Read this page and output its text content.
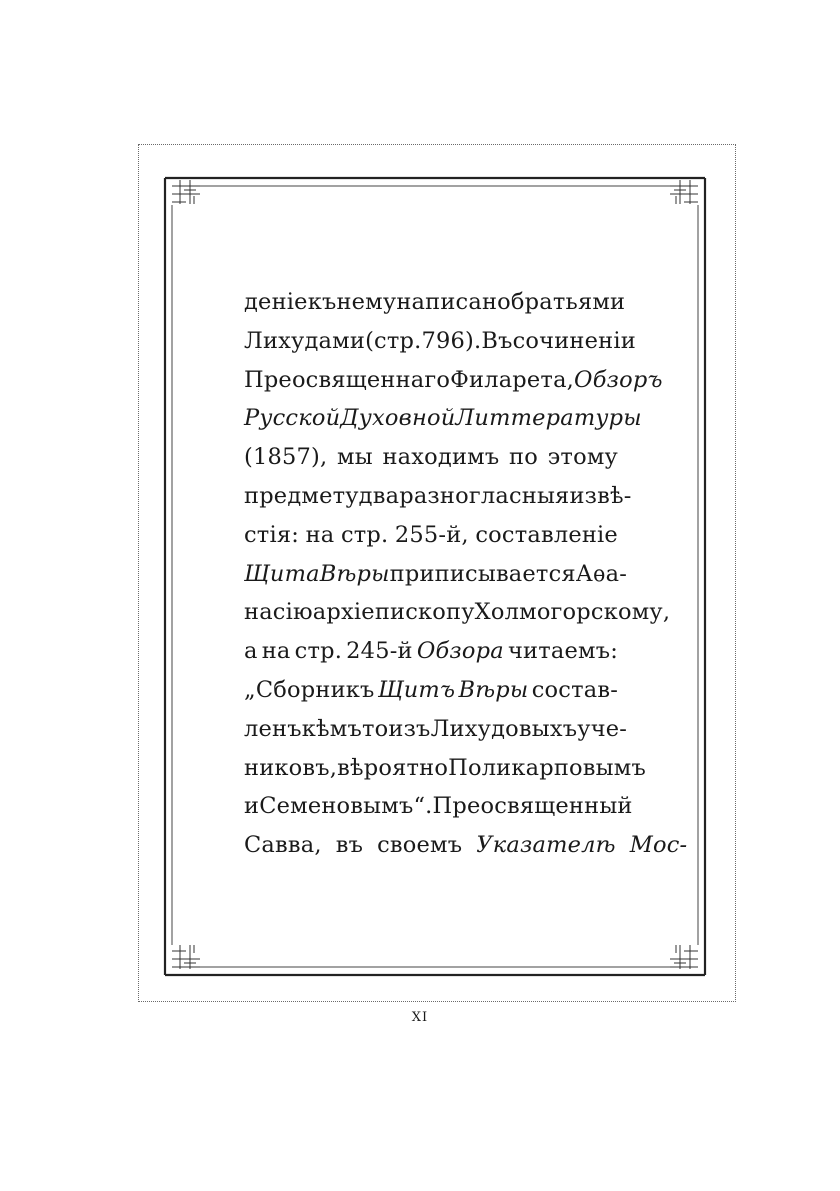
деніе къ нему написано братьями
Лихудами (стр. 796). Въ сочиненіи
Преосвященнаго Филарета, Обзоръ
Русской Духовной Литтературы
(1857), мы находимъ по этому
предмету два разногласныя извѣ-
стія: на стр. 255-й, составленіе
Щита Вѣры приписывается Аѳа-
насію архіепископу Холмогорскому,
а на стр. 245-й Обзора читаемъ:
„Сборникъ Щитъ Вѣры состав-
ленъ кѣмъ то изъ Лихудовыхъ уче-
никовъ, вѣроятно Поликарповымъ
и Семеновымъ“. Преосвященный
Савва, въ своемъ Указателѣ Мос-
XI
